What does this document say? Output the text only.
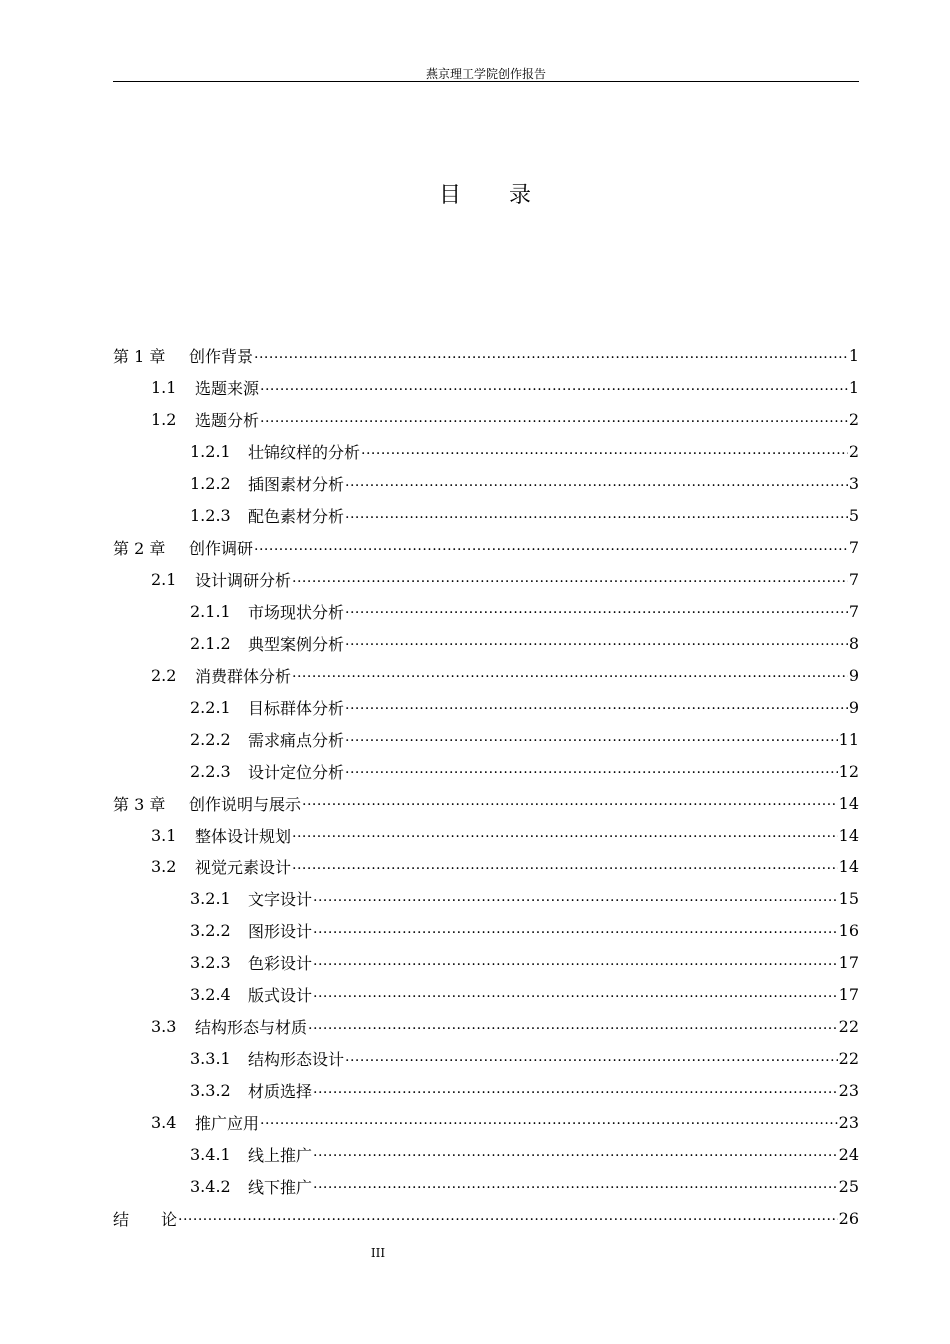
燕京理工学院创作报告
目 录
第 1 章	创作背景 .....	1
1.1	选题来源 .....	1
1.2	选题分析 .....	2
1.2.1	壮锦纹样的分析 .....	2
1.2.2	插图素材分析 .....	3
1.2.3	配色素材分析 .....	5
第 2 章	创作调研 .....	7
2.1	设计调研分析 .....	7
2.1.1	市场现状分析 .....	7
2.1.2	典型案例分析 .....	8
2.2	消费群体分析 .....	9
2.2.1	目标群体分析 .....	9
2.2.2	需求痛点分析 .....	11
2.2.3	设计定位分析 .....	12
第 3 章	创作说明与展示 .....	14
3.1	整体设计规划 .....	14
3.2	视觉元素设计 .....	14
3.2.1	文字设计 .....	15
3.2.2	图形设计 .....	16
3.2.3	色彩设计 .....	17
3.2.4	版式设计 .....	17
3.3	结构形态与材质 .....	22
3.3.1	结构形态设计 .....	22
3.3.2	材质选择 .....	23
3.4	推广应用 .....	23
3.4.1	线上推广 .....	24
3.4.2	线下推广 .....	25
结　　论 .....	26
III
